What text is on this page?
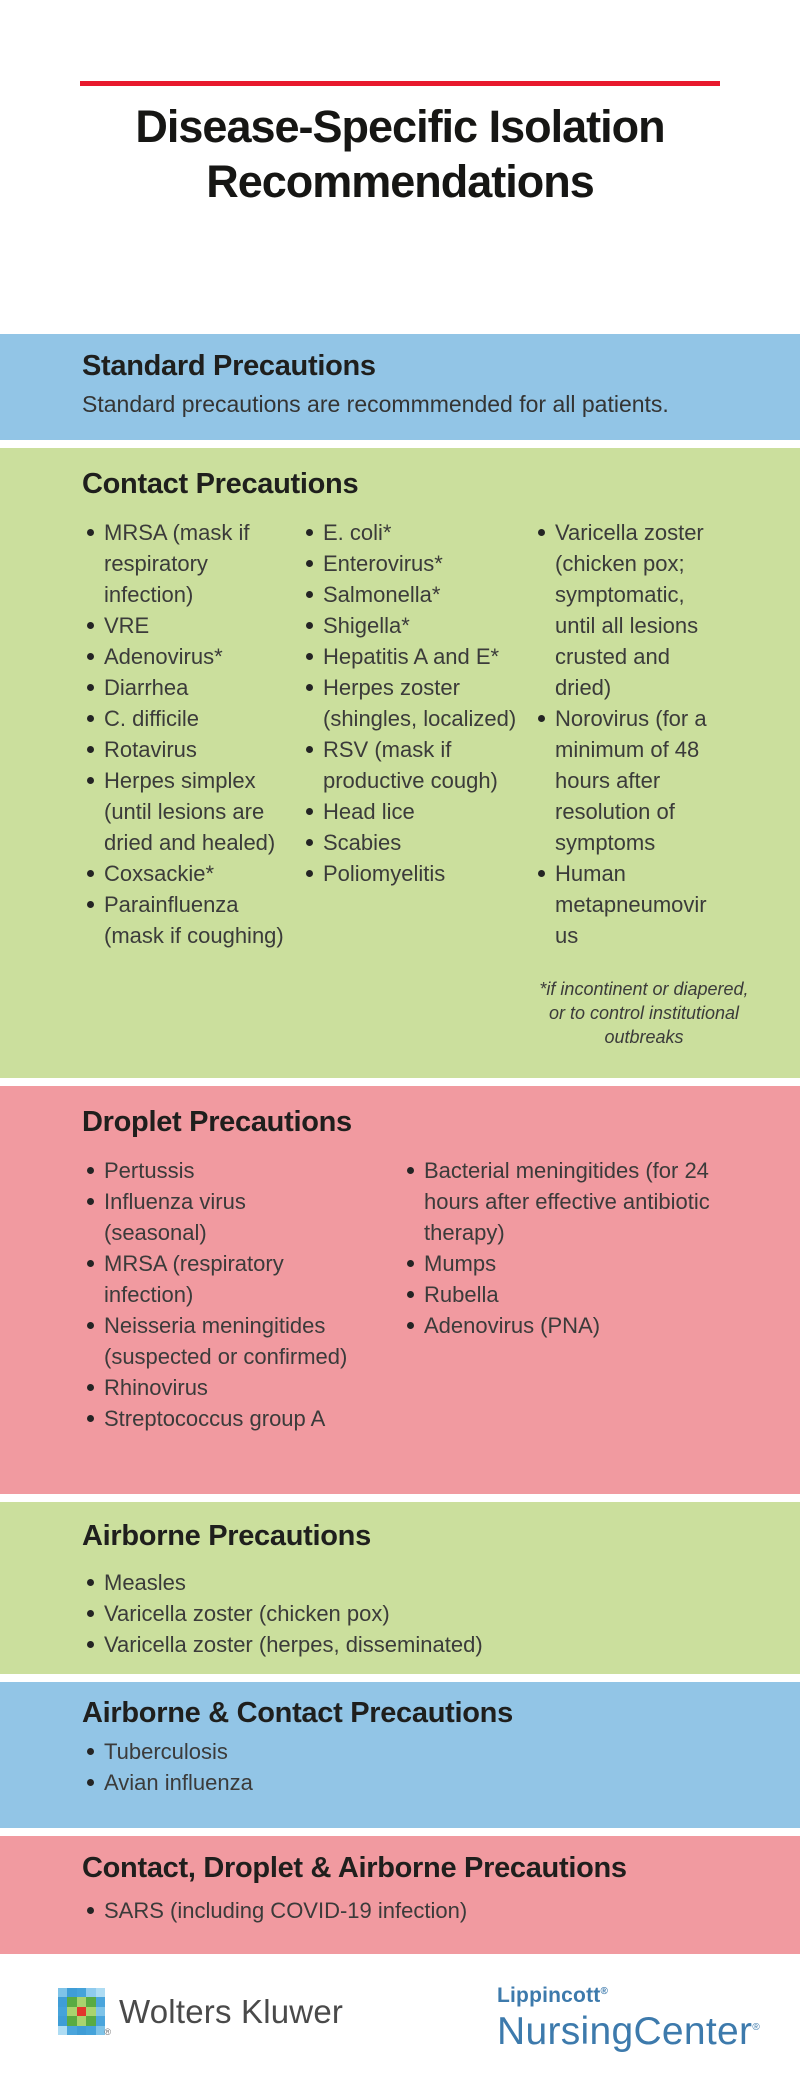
Disease-Specific Isolation
Recommendations
Standard Precautions

Standard precautions are recommmended for all patients.

Contact Precautions
MRSA (mask if respiratory infection)
VRE
Adenovirus*
Diarrhea
C. difficile
Rotavirus
Herpes simplex (until lesions are dried and healed)
Coxsackie*
Parainfluenza (mask if coughing)
E. coli*
Enterovirus*
Salmonella*
Shigella*
Hepatitis A and E*
Herpes zoster (shingles, localized)
RSV (mask if productive cough)
Head lice
Scabies
Poliomyelitis
Varicella zoster (chicken pox; symptomatic, until all lesions crusted and dried)
Norovirus (for a minimum of 48 hours after resolution of symptoms
Human metapneumovirus

*if incontinent or diapered, or to control institutional outbreaks

Droplet Precautions
Pertussis
Influenza virus (seasonal)
MRSA (respiratory infection)
Neisseria meningitides (suspected or confirmed)
Rhinovirus
Streptococcus group A
Bacterial meningitides (for 24 hours after effective antibiotic therapy)
Mumps
Rubella
Adenovirus (PNA)
Airborne Precautions
Measles
Varicella zoster (chicken pox)
Varicella zoster (herpes, disseminated)
Airborne & Contact Precautions
Tuberculosis
Avian influenza
Contact, Droplet & Airborne Precautions
SARS (including COVID-19 infection)
®
Wolters Kluwer	Lippincott®
NursingCenter®
